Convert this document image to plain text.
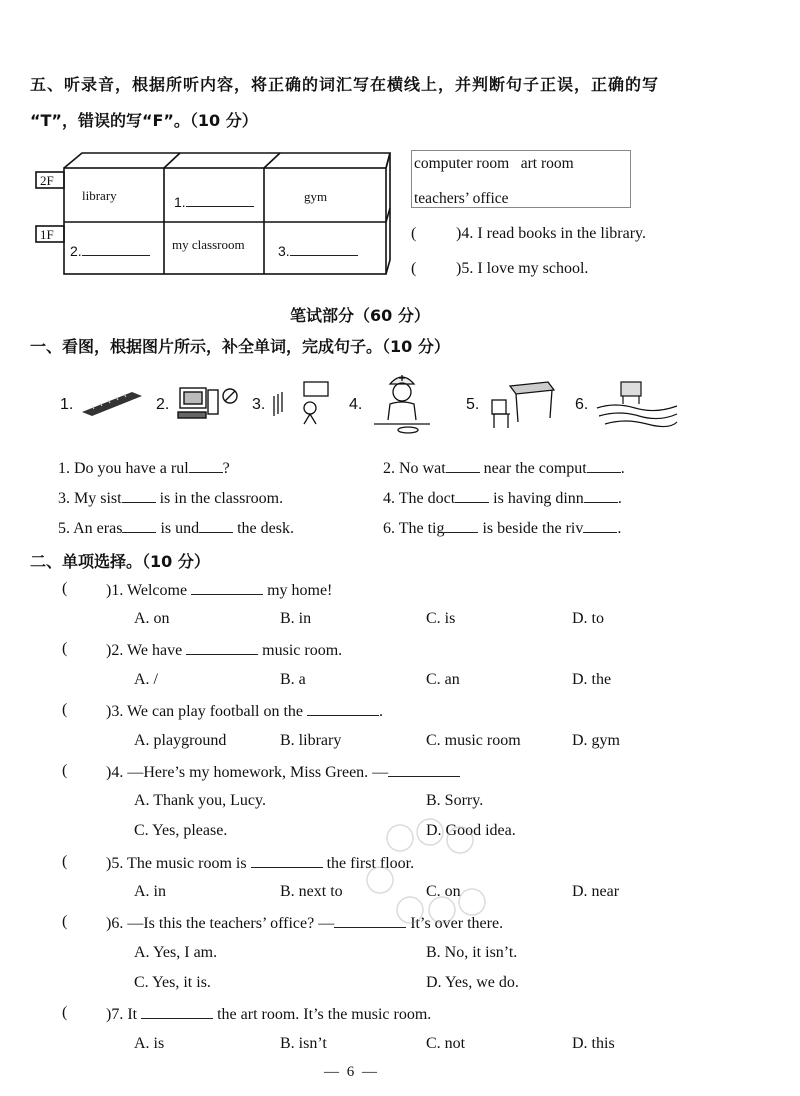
五、听录音，根据所听内容，将正确的词汇写在横线上，并判断句子正误，正确的写
“T”，错误的写“F”。（10 分）
2F
1F
library	1.	gym
2.	my classroom 3.
computer room   art room
teachers’ office
( )4. I read books in the library.
( )5. I love my school.
笔试部分（60 分）
一、看图，根据图片所示，补全单词，完成句子。（10 分）
1.	2.	3.	4.	5.	6.
1. Do you have a rul ?	2. No wat near the comput .
3. My sist is in the classroom.	4. The doct is having dinn .
5. An eras is und the desk.	6. The tig is beside the riv .
二、单项选择。（10 分）
( )1. Welcome	my home!
A. on	B. in	C. is	D. to
( )2. We have	music room.
A. /	B. a	C. an	D. the
( )3. We can play football on the	.
A. playground	B. library	C. music room	D. gym
( )4. —Here’s my homework, Miss Green. —
A. Thank you, Lucy.	B. Sorry.
C. Yes, please.	D. Good idea.
( )5. The music room is	the first floor.
A. in	B. next to	C. on	D. near
( )6. —Is this the teachers’ office? —	It’s over there.
A. Yes, I am.	B. No, it isn’t.
C. Yes, it is.	D. Yes, we do.
( )7. It	the art room. It’s the music room.
A. is	B. isn’t	C. not	D. this
— 6 —
